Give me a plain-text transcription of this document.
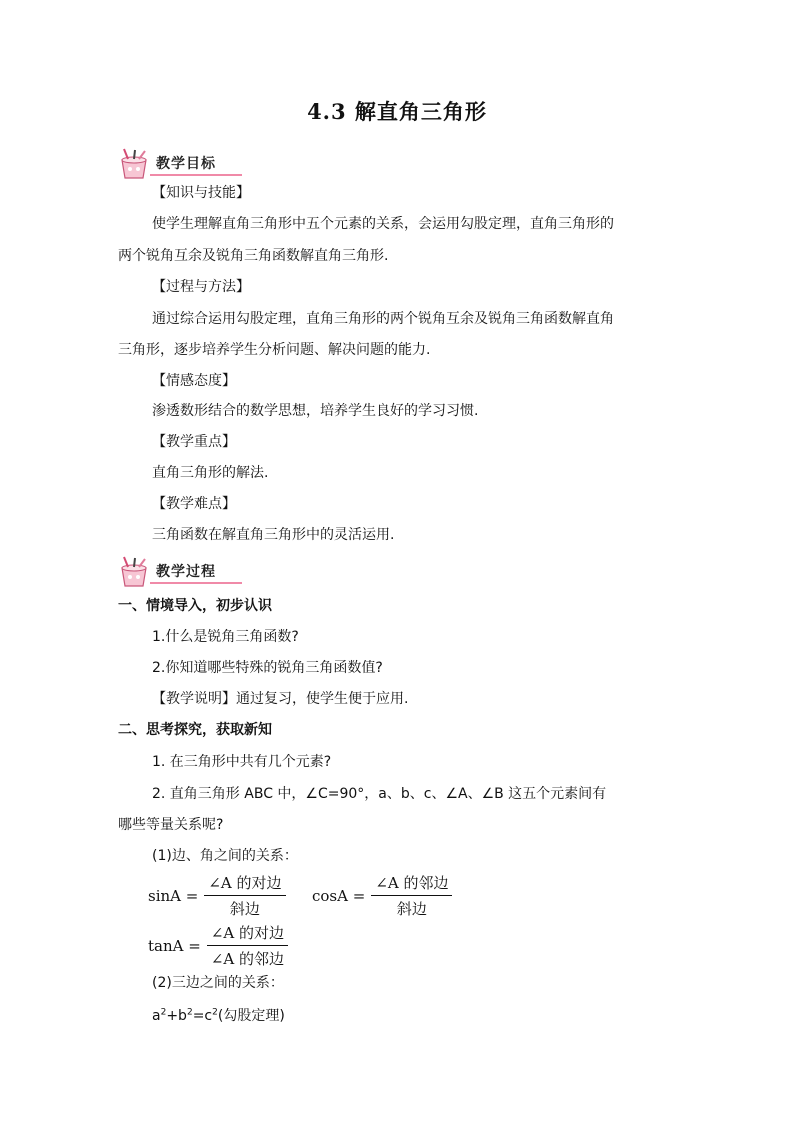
4.3 解直角三角形
教学目标
【知识与技能】
使学生理解直角三角形中五个元素的关系，会运用勾股定理，直角三角形的
两个锐角互余及锐角三角函数解直角三角形.
【过程与方法】
通过综合运用勾股定理，直角三角形的两个锐角互余及锐角三角函数解直角
三角形，逐步培养学生分析问题、解决问题的能力.
【情感态度】
渗透数形结合的数学思想，培养学生良好的学习习惯.
【教学重点】
直角三角形的解法.
【教学难点】
三角函数在解直角三角形中的灵活运用.
教学过程
一、情境导入，初步认识
1.什么是锐角三角函数?
2.你知道哪些特殊的锐角三角函数值?
【教学说明】通过复习，使学生便于应用.
二、思考探究，获取新知
1. 在三角形中共有几个元素?
2. 直角三角形 ABC 中，∠C=90°，a、b、c、∠A、∠B 这五个元素间有
哪些等量关系呢?
(1)边、角之间的关系：
$\sin A = \frac{\text{∠A 的对边}}{\text{斜边}}$ $\cos A = \frac{\text{∠A 的邻边}}{\text{斜边}}$
$\tan A = \frac{\text{∠A 的对边}}{\text{∠A 的邻边}}$
(2)三边之间的关系：
$a^2+b^2=c^2$(勾股定理)
